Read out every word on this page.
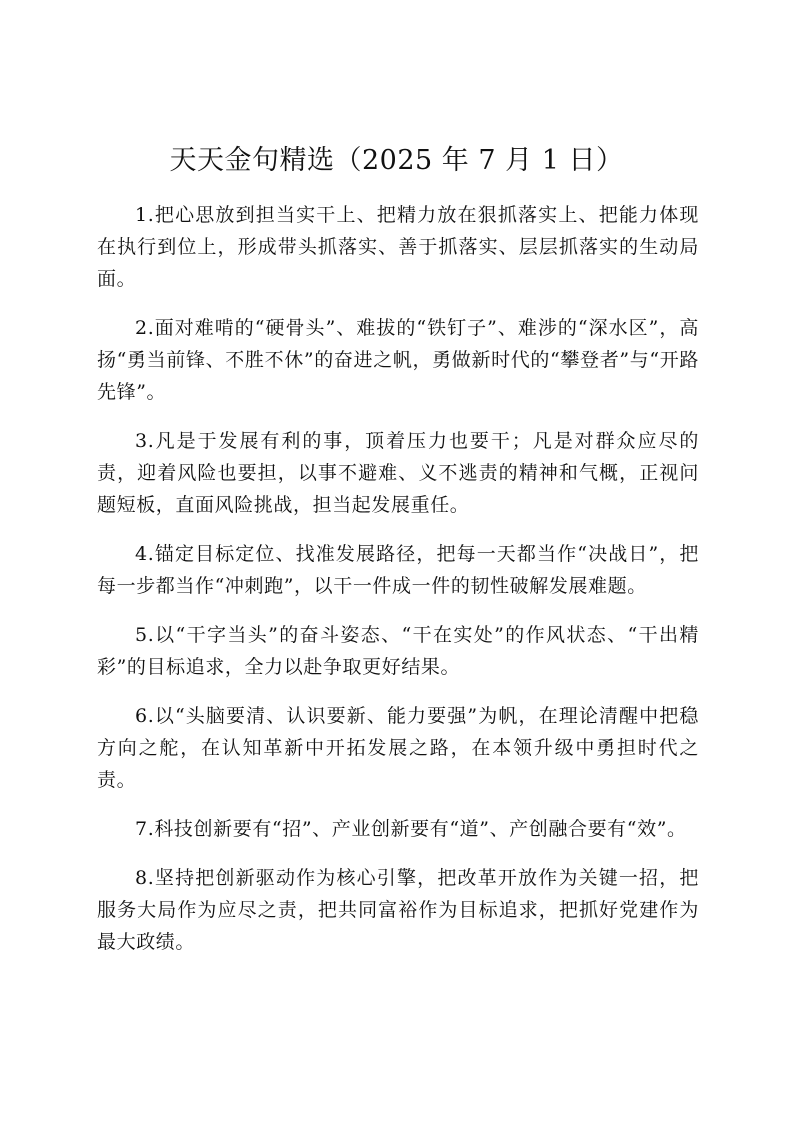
天天金句精选（2025 年 7 月 1 日）

1.把心思放到担当实干上、把精力放在狠抓落实上、把能力体现在执行到位上，形成带头抓落实、善于抓落实、层层抓落实的生动局面。

2.面对难啃的“硬骨头”、难拔的“铁钉子”、难涉的“深水区”，高扬“勇当前锋、不胜不休”的奋进之帆，勇做新时代的“攀登者”与“开路先锋”。

3.凡是于发展有利的事，顶着压力也要干；凡是对群众应尽的责，迎着风险也要担，以事不避难、义不逃责的精神和气概，正视问题短板，直面风险挑战，担当起发展重任。

4.锚定目标定位、找准发展路径，把每一天都当作“决战日”，把每一步都当作“冲刺跑”，以干一件成一件的韧性破解发展难题。

5.以“干字当头”的奋斗姿态、“干在实处”的作风状态、“干出精彩”的目标追求，全力以赴争取更好结果。

6.以“头脑要清、认识要新、能力要强”为帆，在理论清醒中把稳方向之舵，在认知革新中开拓发展之路，在本领升级中勇担时代之责。

7.科技创新要有“招”、产业创新要有“道”、产创融合要有“效”。

8.坚持把创新驱动作为核心引擎，把改革开放作为关键一招，把服务大局作为应尽之责，把共同富裕作为目标追求，把抓好党建作为最大政绩。
